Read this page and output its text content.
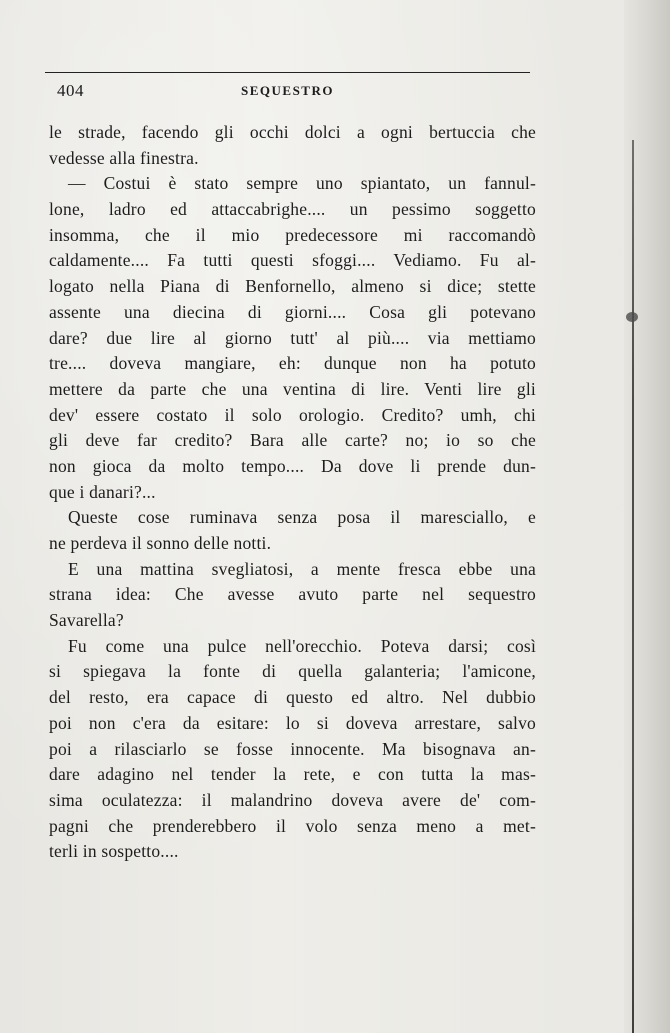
404	SEQUESTRO
le strade, facendo gli occhi dolci a ogni bertuccia che
vedesse alla finestra.
— Costui è stato sempre uno spiantato, un fannul-
lone, ladro ed attaccabrighe.... un pessimo soggetto
insomma, che il mio predecessore mi raccomandò
caldamente.... Fa tutti questi sfoggi.... Vediamo. Fu al-
logato nella Piana di Benfornello, almeno si dice; stette
assente una diecina di giorni.... Cosa gli potevano
dare? due lire al giorno tutt' al più.... via mettiamo
tre.... doveva mangiare, eh: dunque non ha potuto
mettere da parte che una ventina di lire. Venti lire gli
dev' essere costato il solo orologio. Credito? umh, chi
gli deve far credito? Bara alle carte? no; io so che
non gioca da molto tempo.... Da dove li prende dun-
que i danari?...
Queste cose ruminava senza posa il maresciallo, e
ne perdeva il sonno delle notti.
E una mattina svegliatosi, a mente fresca ebbe una
strana idea: Che avesse avuto parte nel sequestro
Savarella?
Fu come una pulce nell'orecchio. Poteva darsi; così
si spiegava la fonte di quella galanteria; l'amicone,
del resto, era capace di questo ed altro. Nel dubbio
poi non c'era da esitare: lo si doveva arrestare, salvo
poi a rilasciarlo se fosse innocente. Ma bisognava an-
dare adagino nel tender la rete, e con tutta la mas-
sima oculatezza: il malandrino doveva avere de' com-
pagni che prenderebbero il volo senza meno a met-
terli in sospetto....
